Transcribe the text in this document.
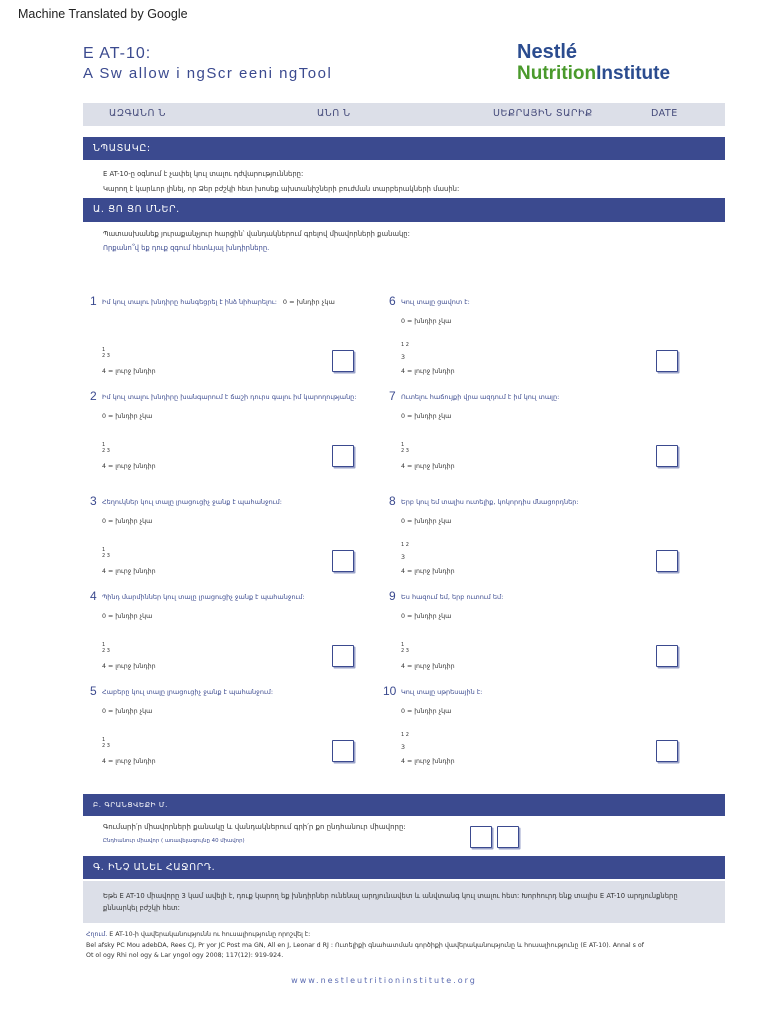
Machine Translated by Google
E AT-10:
A Sw allow i ngScr eeni ngTool
Nestlé
NutritionInstitute
ԱԶԳԱՆՈ Ն	ԱՆՈ Ն	ՍԵՔՐԱՅԻՆ ՏԱՐԻՔ	DATE
ՆՊԱՏԱԿԸ:
E AT-10-ը օգնում է չափել կուլ տալու դժվարությունները:
Կարող է կարևոր լինել, որ Ձեր բժշկի հետ խոսեք ախտանիշների բուժման տարբերակների մասին:
Ա. ՑՈ ՑՈ ՄՆԵՐ.
Պատասխանեք յուրաքանչյուր հարցին՝ վանդակներում գրելով միավորների քանակը:
Որքանո՞վ եք դուք զգում հետևյալ խնդիրները.
1 Իմ կուլ տալու խնդիրը հանգեցրել է ինձ նիհարելու: 0 = խնդիր չկա
1
2 3
4 = լուրջ խնդիր
2 Իմ կուլ տալու խնդիրը խանգարում է ճաշի դուրս գալու իմ կարողությանը:
0 = խնդիր չկա
1
2 3
4 = լուրջ խնդիր
3 Հեղուկներ կուլ տալը լրացուցիչ ջանք է պահանջում:
0 = խնդիր չկա
1
2 3
4 = լուրջ խնդիր
4 Պինդ մարմիններ կուլ տալը լրացուցիչ ջանք է պահանջում:
0 = խնդիր չկա
1
2 3
4 = լուրջ խնդիր
5 Հաբերը կուլ տալը լրացուցիչ ջանք է պահանջում:
0 = խնդիր չկա
1
2 3
4 = լուրջ խնդիր
6 Կուլ տալը ցավոտ է:
0 = խնդիր չկա
1 2
3
4 = լուրջ խնդիր
7 Ուտելու հաճույքի վրա ազդում է իմ կուլ տալը:
0 = խնդիր չկա
1
2 3
4 = լուրջ խնդիր
8 Երբ կուլ եմ տալիս ուտելիք, կոկորդիս մնացորդներ:
0 = խնդիր չկա
1 2
3
4 = լուրջ խնդիր
9 Ես հազում եմ, երբ ուտում եմ:
0 = խնդիր չկա
1
2 3
4 = լուրջ խնդիր
10 Կուլ տալը սթրեսային է:
0 = խնդիր չկա
1 2
3
4 = լուրջ խնդիր
Բ. ԳՐԱՆՑՎԵՔԻ Մ.
Գումարի՛ր միավորների քանակը և վանդակներում գրի՛ր քո ընդհանուր միավորը:
Ընդհանուր միավոր ( առավելագույնը 40 միավոր)
Գ. ԻՆՉ ԱՆԵԼ ՀԱՋՈՐԴ.
Եթե E AT-10 միավորը 3 կամ ավելի է, դուք կարող եք խնդիրներ ունենալ արդյունավետ և անվտանգ կուլ տալու հետ: Խորհուրդ ենք տալիս E AT-10 արդյունքները
քննարկել բժշկի հետ:
Հղում. E AT-10-ի վավերականությունն ու հուսալիությունը որոշվել է:
Bel afsky PC Mou adebDA, Rees CJ, Pr yor JC Post ma GN, All en J, Leonar d RJ : Ուտելիքի գնահատման գործիքի վավերականությունը և հուսալիությունը (E AT-10). Annal s of
Ot ol ogy Rhi nol ogy & Lar yngol ogy 2008; 117(12): 919-924.
www.nestleutritioninstitute.org
